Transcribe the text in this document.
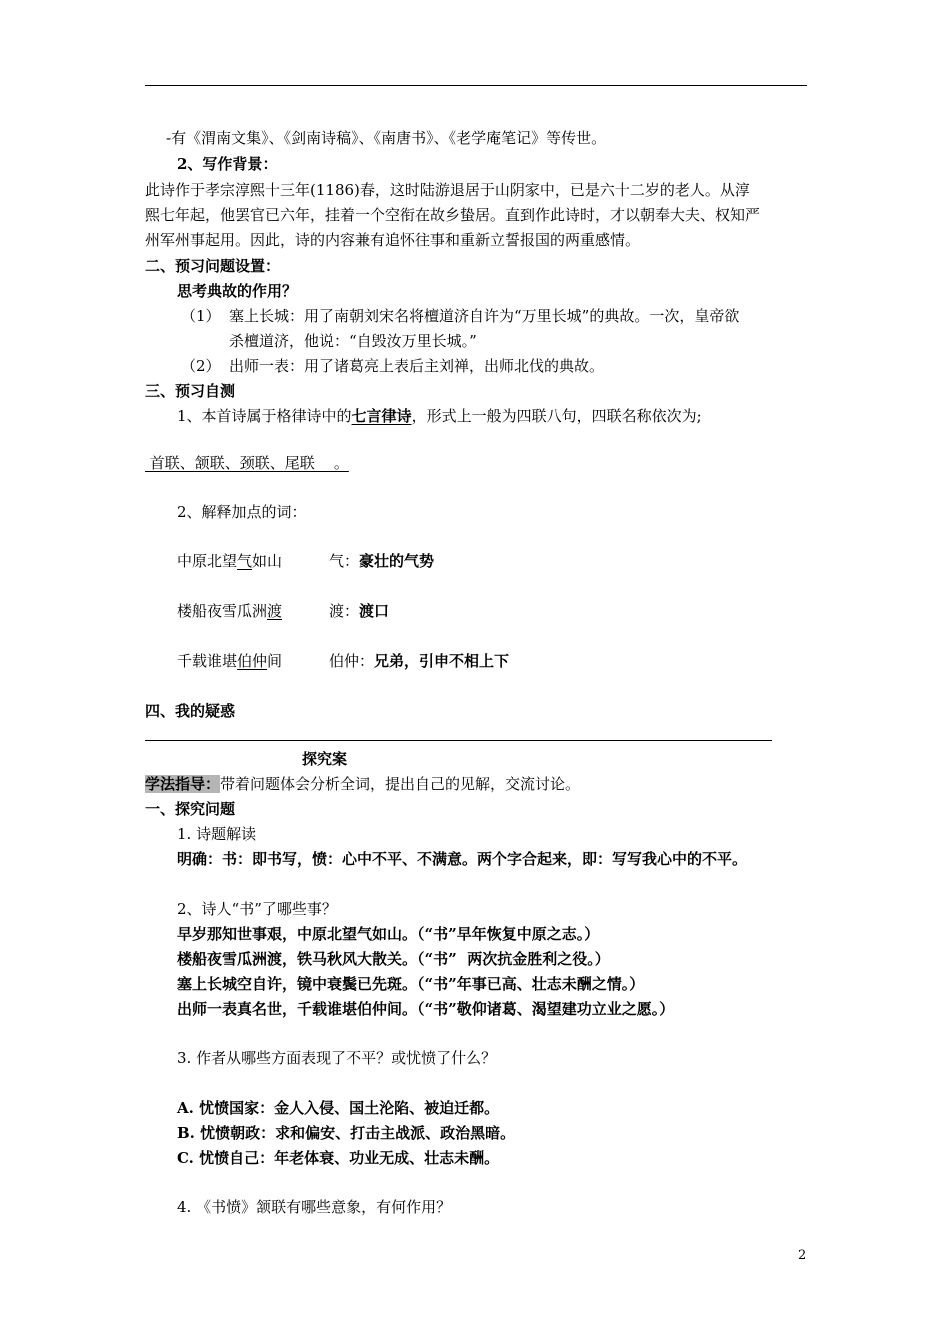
-有《渭南文集》、《剑南诗稿》、《南唐书》、《老学庵笔记》等传世。
2、写作背景：
此诗作于孝宗淳熙十三年(1186)春，这时陆游退居于山阴家中，已是六十二岁的老人。从淳
熙七年起，他罢官已六年，挂着一个空衔在故乡蛰居。直到作此诗时，才以朝奉大夫、权知严
州军州事起用。因此，诗的内容兼有追怀往事和重新立誓报国的两重感情。
二、预习问题设置：
思考典故的作用？
（1） 塞上长城：用了南朝刘宋名将檀道济自许为“万里长城”的典故。一次，皇帝欲
杀檀道济，他说：“自毁汝万里长城。”
（2） 出师一表：用了诸葛亮上表后主刘禅，出师北伐的典故。
三、预习自测
1、本首诗属于格律诗中的七言律诗，形式上一般为四联八句，四联名称依次为;
首联、颔联、颈联、尾联    。
2、解释加点的词：
中原北望气如山	气：豪壮的气势
楼船夜雪瓜洲渡	渡：渡口
千载谁堪伯仲间	伯仲：兄弟，引申不相上下
四、我的疑惑
探究案
学法指导：带着问题体会分析全词，提出自己的见解，交流讨论。
一、探究问题
1. 诗题解读
明确：书：即书写，愤：心中不平、不满意。两个字合起来，即：写写我心中的不平。
2、诗人“书”了哪些事？
早岁那知世事艰，中原北望气如山。（“书”早年恢复中原之志。）
楼船夜雪瓜洲渡，铁马秋风大散关。（“书”  两次抗金胜利之役。）
塞上长城空自许，镜中衰鬓已先斑。（“书”年事已高、壮志未酬之情。）
出师一表真名世，千载谁堪伯仲间。（“书”敬仰诸葛、渴望建功立业之愿。）
3. 作者从哪些方面表现了不平？或忧愤了什么？
A. 忧愤国家：金人入侵、国土沦陷、被迫迁都。
B. 忧愤朝政：求和偏安、打击主战派、政治黑暗。
C. 忧愤自己：年老体衰、功业无成、壮志未酬。
4. 《书愤》颔联有哪些意象，有何作用？
2
